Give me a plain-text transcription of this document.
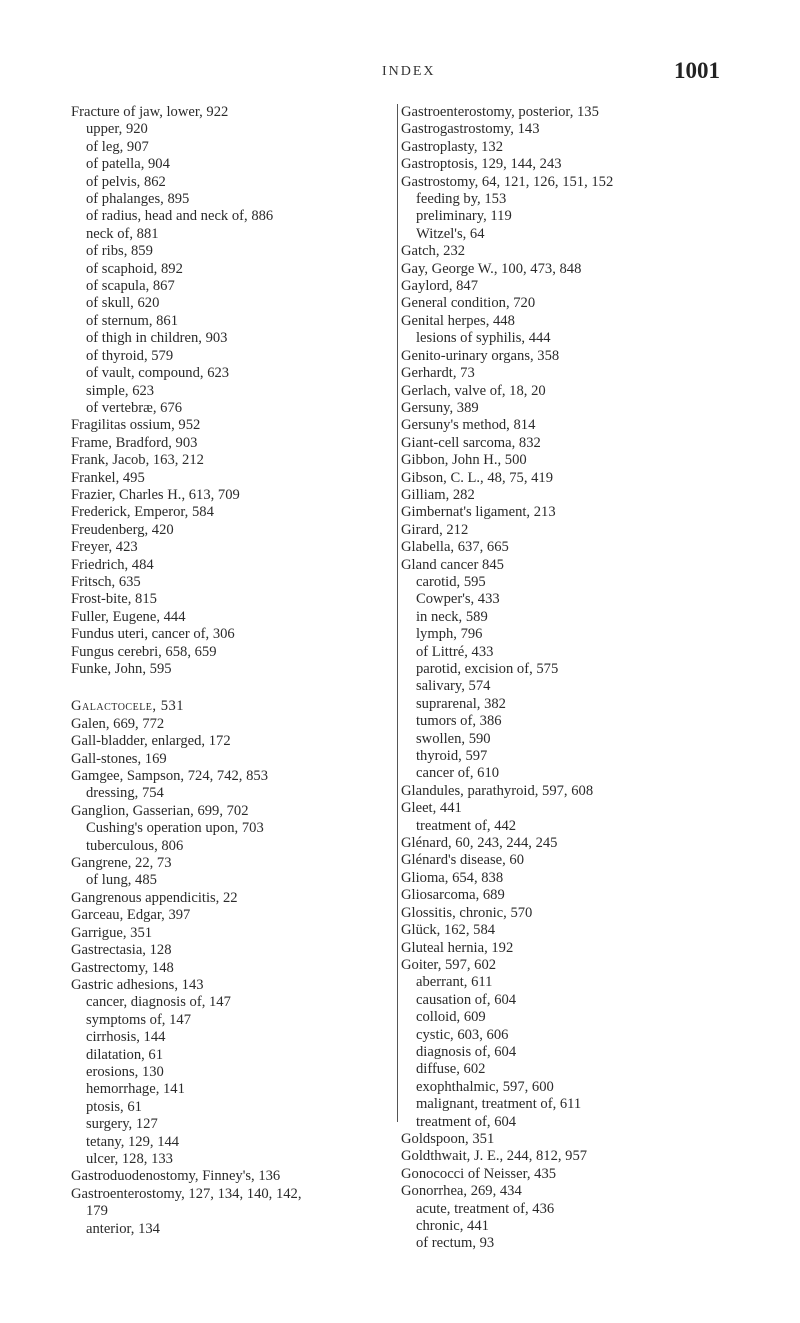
INDEX	1001
Fracture of jaw, lower, 922
upper, 920
of leg, 907
of patella, 904
of pelvis, 862
of phalanges, 895
of radius, head and neck of, 886
neck of, 881
of ribs, 859
of scaphoid, 892
of scapula, 867
of skull, 620
of sternum, 861
of thigh in children, 903
of thyroid, 579
of vault, compound, 623
simple, 623
of vertebræ, 676
Fragilitas ossium, 952
Frame, Bradford, 903
Frank, Jacob, 163, 212
Frankel, 495
Frazier, Charles H., 613, 709
Frederick, Emperor, 584
Freudenberg, 420
Freyer, 423
Friedrich, 484
Fritsch, 635
Frost-bite, 815
Fuller, Eugene, 444
Fundus uteri, cancer of, 306
Fungus cerebri, 658, 659
Funke, John, 595
Galactocele, 531
Galen, 669, 772
Gall-bladder, enlarged, 172
Gall-stones, 169
Gamgee, Sampson, 724, 742, 853
dressing, 754
Ganglion, Gasserian, 699, 702
Cushing's operation upon, 703
tuberculous, 806
Gangrene, 22, 73
of lung, 485
Gangrenous appendicitis, 22
Garceau, Edgar, 397
Garrigue, 351
Gastrectasia, 128
Gastrectomy, 148
Gastric adhesions, 143
cancer, diagnosis of, 147
symptoms of, 147
cirrhosis, 144
dilatation, 61
erosions, 130
hemorrhage, 141
ptosis, 61
surgery, 127
tetany, 129, 144
ulcer, 128, 133
Gastroduodenostomy, Finney's, 136
Gastroenterostomy, 127, 134, 140, 142,
179
anterior, 134
Gastroenterostomy, posterior, 135
Gastrogastrostomy, 143
Gastroplasty, 132
Gastroptosis, 129, 144, 243
Gastrostomy, 64, 121, 126, 151, 152
feeding by, 153
preliminary, 119
Witzel's, 64
Gatch, 232
Gay, George W., 100, 473, 848
Gaylord, 847
General condition, 720
Genital herpes, 448
lesions of syphilis, 444
Genito-urinary organs, 358
Gerhardt, 73
Gerlach, valve of, 18, 20
Gersuny, 389
Gersuny's method, 814
Giant-cell sarcoma, 832
Gibbon, John H., 500
Gibson, C. L., 48, 75, 419
Gilliam, 282
Gimbernat's ligament, 213
Girard, 212
Glabella, 637, 665
Gland cancer 845
carotid, 595
Cowper's, 433
in neck, 589
lymph, 796
of Littré, 433
parotid, excision of, 575
salivary, 574
suprarenal, 382
tumors of, 386
swollen, 590
thyroid, 597
cancer of, 610
Glandules, parathyroid, 597, 608
Gleet, 441
treatment of, 442
Glénard, 60, 243, 244, 245
Glénard's disease, 60
Glioma, 654, 838
Gliosarcoma, 689
Glossitis, chronic, 570
Glück, 162, 584
Gluteal hernia, 192
Goiter, 597, 602
aberrant, 611
causation of, 604
colloid, 609
cystic, 603, 606
diagnosis of, 604
diffuse, 602
exophthalmic, 597, 600
malignant, treatment of, 611
treatment of, 604
Goldspoon, 351
Goldthwait, J. E., 244, 812, 957
Gonococci of Neisser, 435
Gonorrhea, 269, 434
acute, treatment of, 436
chronic, 441
of rectum, 93
